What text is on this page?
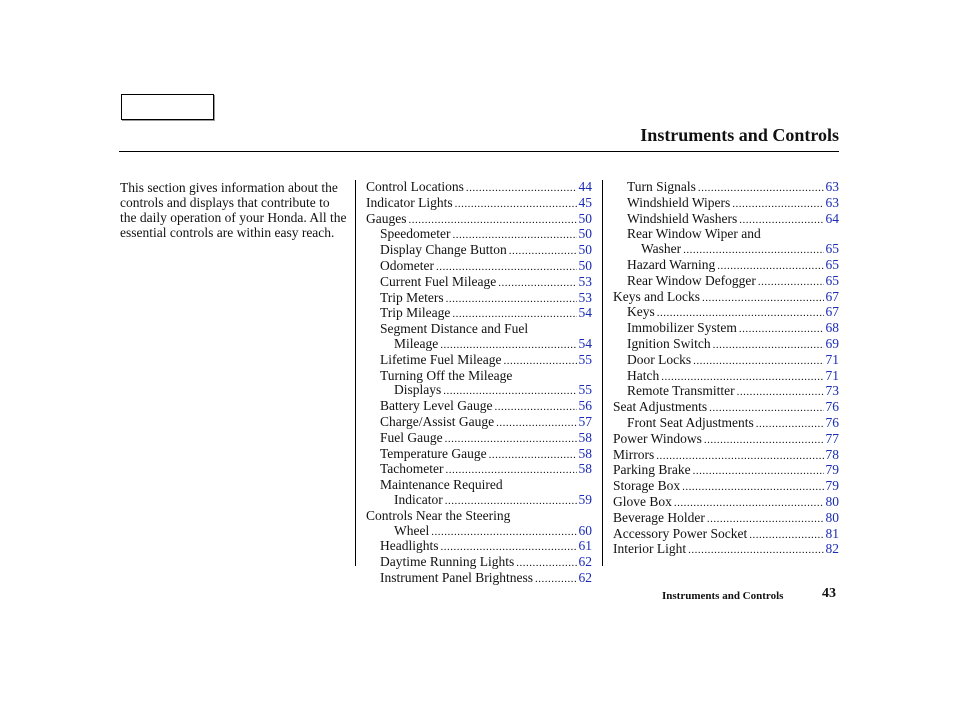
Instruments and Controls
This section gives information about the controls and displays that contribute to the daily operation of your Honda. All the essential controls are within easy reach.
Control Locations .....	44
Indicator Lights .....	45
Gauges .....	50
Speedometer .....	50
Display Change Button .....	50
Odometer .....	50
Current Fuel Mileage .....	53
Trip Meters .....	53
Trip Mileage .....	54
Segment Distance and Fuel
Mileage .....	54
Lifetime Fuel Mileage .....	55
Turning Off the Mileage
Displays .....	55
Battery Level Gauge .....	56
Charge/Assist Gauge .....	57
Fuel Gauge .....	58
Temperature Gauge .....	58
Tachometer .....	58
Maintenance Required
Indicator .....	59
Controls Near the Steering
Wheel .....	60
Headlights .....	61
Daytime Running Lights .....	62
Instrument Panel Brightness .....	62
Turn Signals .....	63
Windshield Wipers .....	63
Windshield Washers .....	64
Rear Window Wiper and
Washer .....	65
Hazard Warning .....	65
Rear Window Defogger .....	65
Keys and Locks .....	67
Keys .....	67
Immobilizer System .....	68
Ignition Switch .....	69
Door Locks .....	71
Hatch .....	71
Remote Transmitter .....	73
Seat Adjustments .....	76
Front Seat Adjustments .....	76
Power Windows .....	77
Mirrors .....	78
Parking Brake .....	79
Storage Box .....	79
Glove Box .....	80
Beverage Holder .....	80
Accessory Power Socket .....	81
Interior Light .....	82
Instruments and Controls	43
